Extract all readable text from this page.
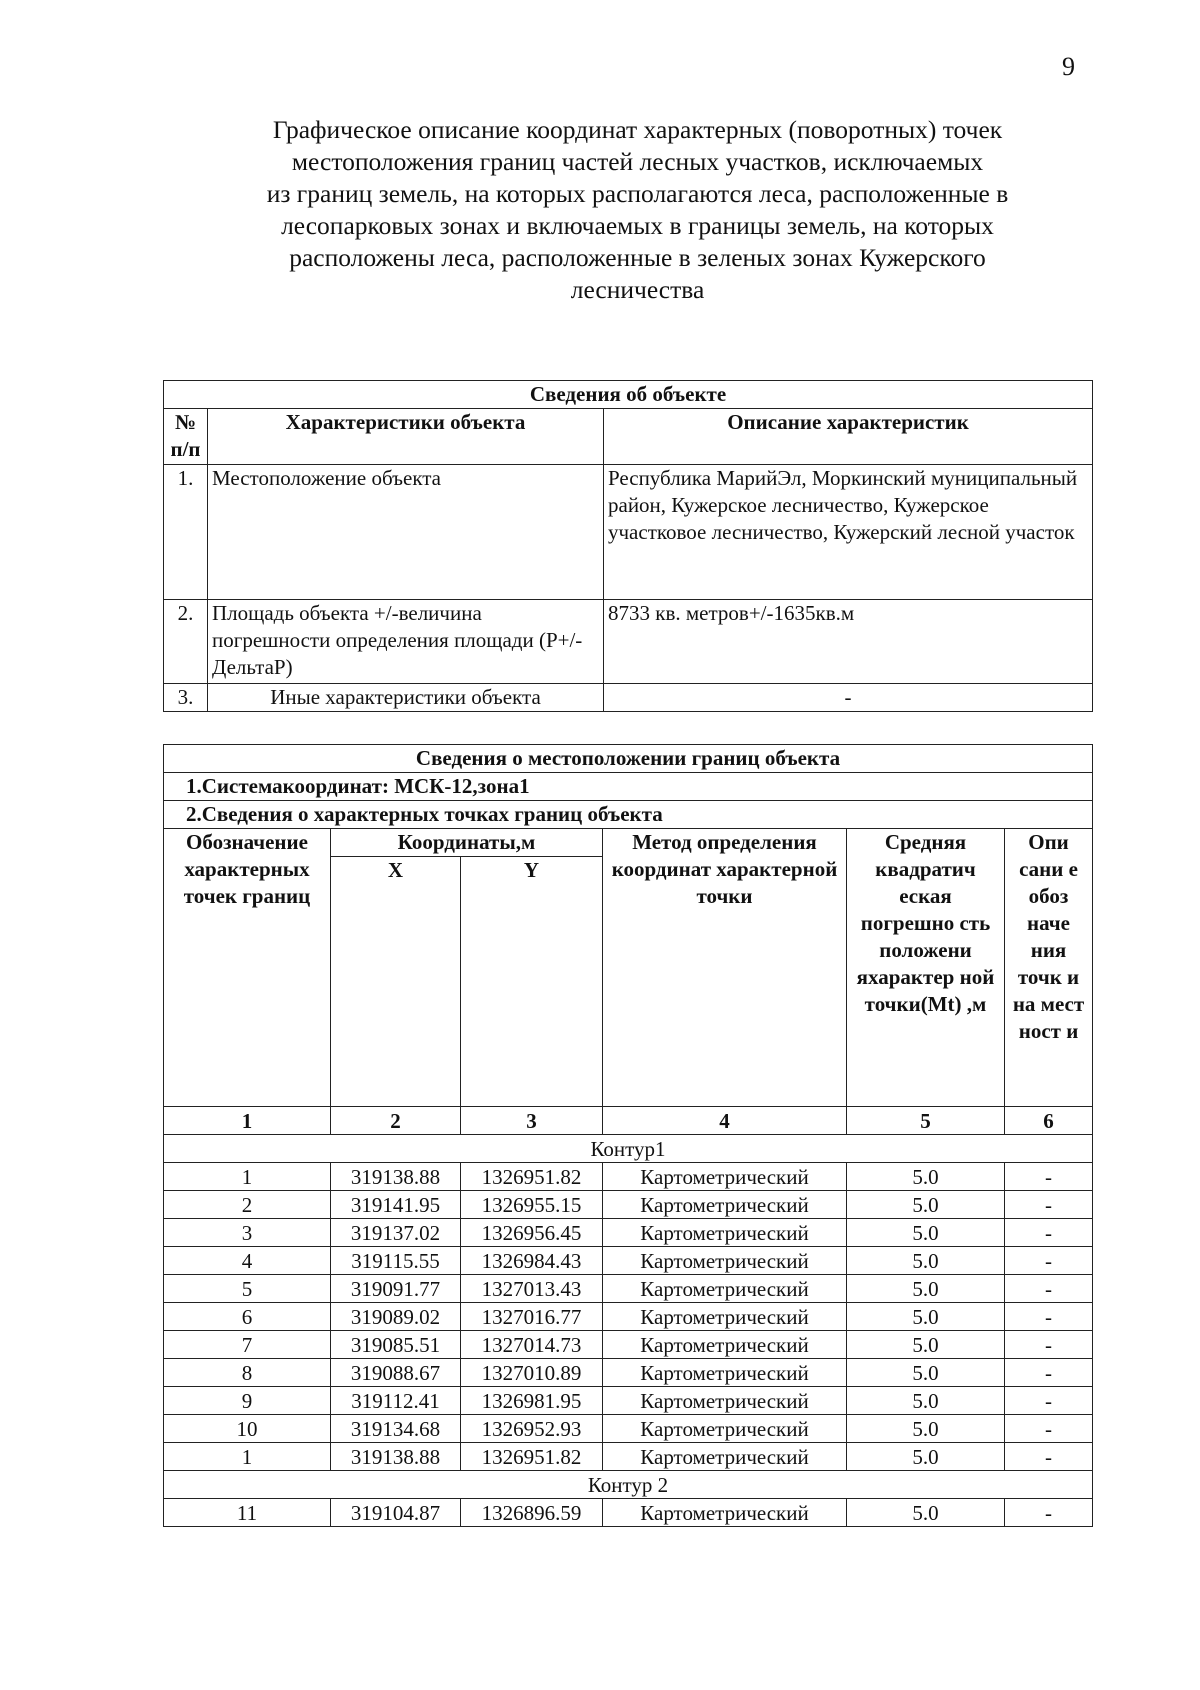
9
Графическое описание координат характерных (поворотных) точек
местоположения границ частей лесных участков, исключаемых
из границ земель, на которых располагаются леса, расположенные в
лесопарковых зонах и включаемых в границы земель, на которых
расположены леса, расположенные в зеленых зонах Кужерского
лесничества
Сведения об объекте		
№ п/п	Характеристики объекта	Описание характеристик
1.	Местоположение объекта	Республика МарийЭл, Моркинский муниципальный район, Кужерское лесничество, Кужерское участковое лесничество, Кужерский лесной участок
2.	Площадь объекта +/-величина погрешности определения площади (P+/-ДельтаP)	8733 кв. метров+/-1635кв.м
3.	Иные характеристики объекта	-
Сведения о местоположении границ объекта					
1.Системакоординат: МСК-12,зона1					
2.Сведения о характерных точках границ объекта					
Обозначение характерных точек границ	Координаты,м		Метод определения координат характерной точки	Средняя квадратич еская погрешно сть положени яхарактер ной точки(Mt) ,м	Опи сани е обоз наче ния точк и на мест ност и
	X	Y			
1	2	3	4	5	6
Контур1					
1	319138.88	1326951.82	Картометрический	5.0	-
2	319141.95	1326955.15	Картометрический	5.0	-
3	319137.02	1326956.45	Картометрический	5.0	-
4	319115.55	1326984.43	Картометрический	5.0	-
5	319091.77	1327013.43	Картометрический	5.0	-
6	319089.02	1327016.77	Картометрический	5.0	-
7	319085.51	1327014.73	Картометрический	5.0	-
8	319088.67	1327010.89	Картометрический	5.0	-
9	319112.41	1326981.95	Картометрический	5.0	-
10	319134.68	1326952.93	Картометрический	5.0	-
1	319138.88	1326951.82	Картометрический	5.0	-
Контур 2					
11	319104.87	1326896.59	Картометрический	5.0	-
